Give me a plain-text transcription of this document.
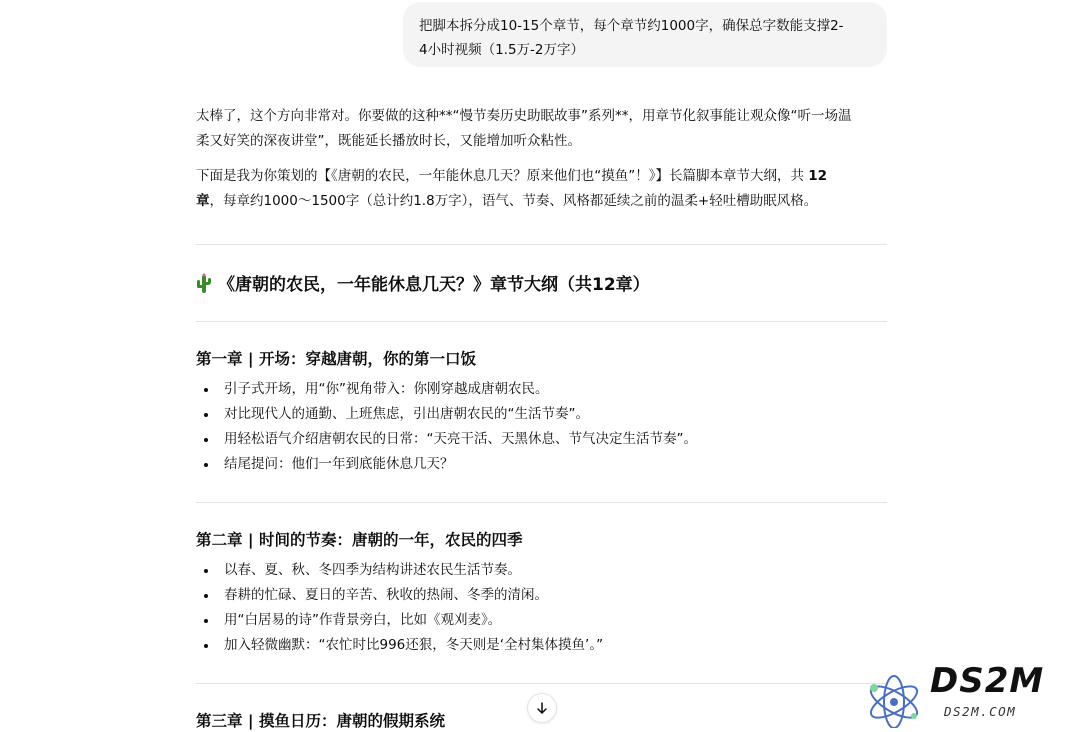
把脚本拆分成10-15个章节，每个章节约1000字，确保总字数能支撑2-
4小时视频（1.5万-2万字）

太棒了，这个方向非常对。你要做的这种**“慢节奏历史助眠故事”系列**，用章节化叙事能让观众像“听一场温
柔又好笑的深夜讲堂”，既能延长播放时长，又能增加听众粘性。

下面是我为你策划的【《唐朝的农民，一年能休息几天？原来他们也“摸鱼”！》】长篇脚本章节大纲，共 12
章，每章约1000～1500字（总计约1.8万字），语气、节奏、风格都延续之前的温柔+轻吐槽助眠风格。

《唐朝的农民，一年能休息几天？》章节大纲（共12章）
第一章 | 开场：穿越唐朝，你的第一口饭
引子式开场，用“你”视角带入：你刚穿越成唐朝农民。
对比现代人的通勤、上班焦虑，引出唐朝农民的“生活节奏”。
用轻松语气介绍唐朝农民的日常：“天亮干活、天黑休息、节气决定生活节奏”。
结尾提问：他们一年到底能休息几天？
第二章 | 时间的节奏：唐朝的一年，农民的四季
以春、夏、秋、冬四季为结构讲述农民生活节奏。
春耕的忙碌、夏日的辛苦、秋收的热闹、冬季的清闲。
用“白居易的诗”作背景旁白，比如《观刈麦》。
加入轻微幽默：“农忙时比996还狠，冬天则是‘全村集体摸鱼’。”
第三章 | 摸鱼日历：唐朝的假期系统
DS2M
DS2M.COM
